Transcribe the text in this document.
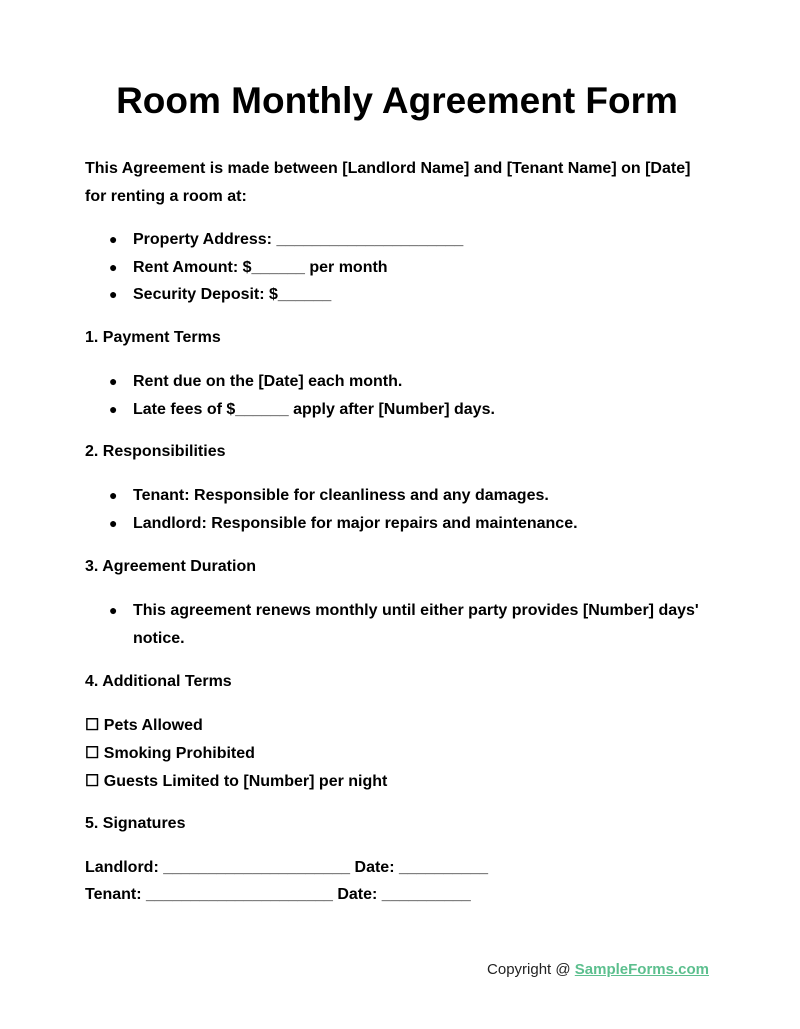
Room Monthly Agreement Form

This Agreement is made between [Landlord Name] and [Tenant Name] on [Date] for renting a room at:

● Property Address: _____________________
● Rent Amount: $______ per month
● Security Deposit: $______
1. Payment Terms
● Rent due on the [Date] each month.
● Late fees of $______ apply after [Number] days.
2. Responsibilities
● Tenant: Responsible for cleanliness and any damages.
● Landlord: Responsible for major repairs and maintenance.
3. Agreement Duration
● This agreement renews monthly until either party provides [Number] days' notice.
4. Additional Terms
☐ Pets Allowed
☐ Smoking Prohibited
☐ Guests Limited to [Number] per night
5. Signatures
Landlord: _____________________ Date: __________
Tenant: _____________________ Date: __________
Copyright @ SampleForms.com
